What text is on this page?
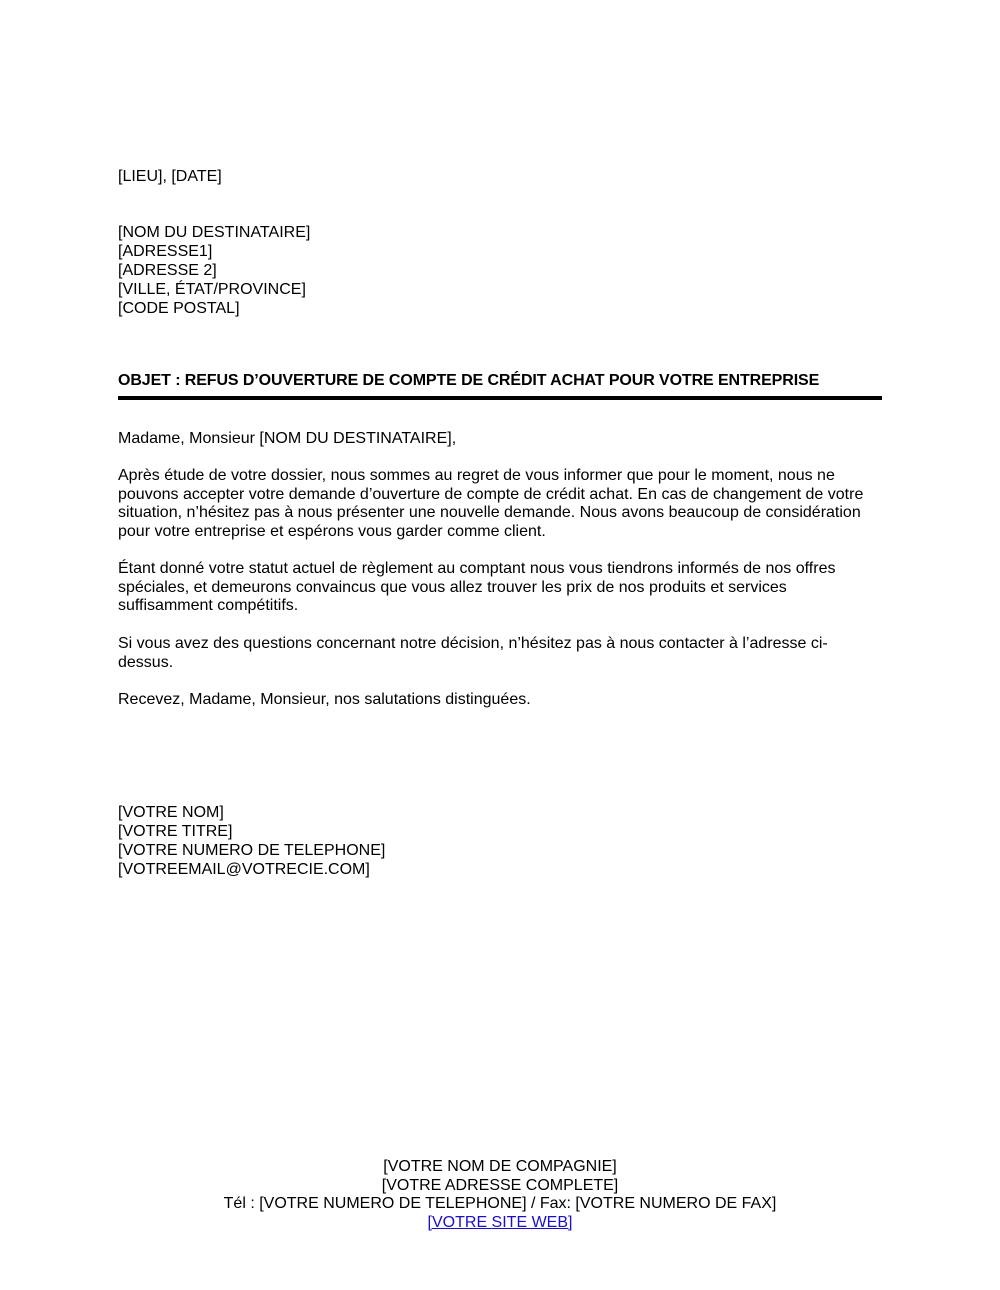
[LIEU], [DATE]
[NOM DU DESTINATAIRE]
[ADRESSE1]
[ADRESSE 2]
[VILLE, ÉTAT/PROVINCE]
[CODE POSTAL]
OBJET : REFUS D’OUVERTURE DE COMPTE DE CRÉDIT ACHAT POUR VOTRE ENTREPRISE
Madame, Monsieur [NOM DU DESTINATAIRE],
Après étude de votre dossier, nous sommes au regret de vous informer que pour le moment, nous ne
pouvons accepter votre demande d’ouverture de compte de crédit achat. En cas de changement de votre
situation, n’hésitez pas à nous présenter une nouvelle demande. Nous avons beaucoup de considération
pour votre entreprise et espérons vous garder comme client.
Étant donné votre statut actuel de règlement au comptant nous vous tiendrons informés de nos offres
spéciales, et demeurons convaincus que vous allez trouver les prix de nos produits et services
suffisamment compétitifs.
Si vous avez des questions concernant notre décision, n’hésitez pas à nous contacter à l’adresse ci-
dessus.
Recevez, Madame, Monsieur, nos salutations distinguées.
[VOTRE NOM]
[VOTRE TITRE]
[VOTRE NUMERO DE TELEPHONE]
[VOTREEMAIL@VOTRECIE.COM]
[VOTRE NOM DE COMPAGNIE]
[VOTRE ADRESSE COMPLETE]
Tél : [VOTRE NUMERO DE TELEPHONE] / Fax: [VOTRE NUMERO DE FAX]
[VOTRE SITE WEB]
